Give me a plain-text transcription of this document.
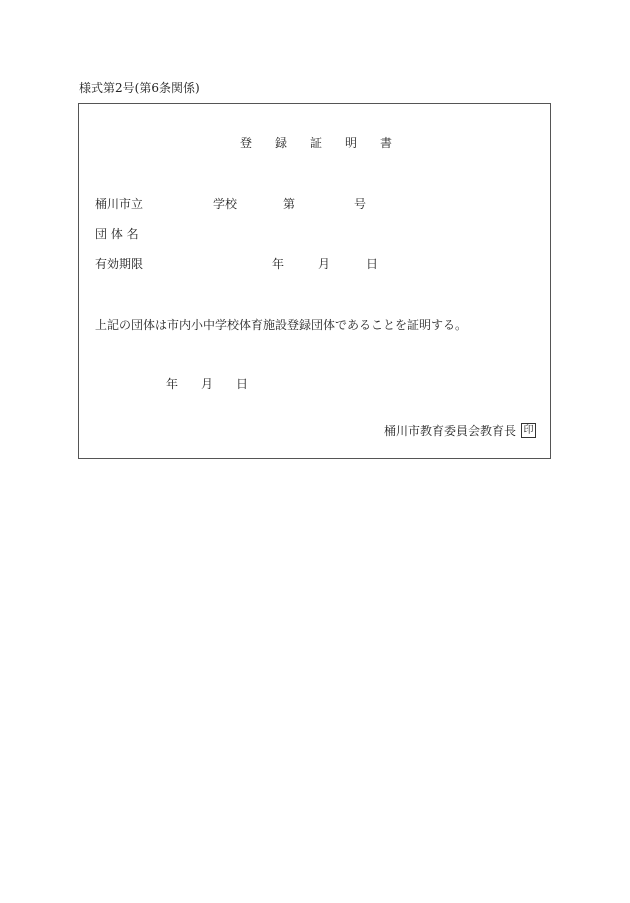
様式第2号(第6条関係)
登 録 証 明 書
桶川市立	学校	第	号
団 体 名
有効期限	年	月	日
上記の団体は市内小中学校体育施設登録団体であることを証明する。
年 月 日
桶川市教育委員会教育長 印
